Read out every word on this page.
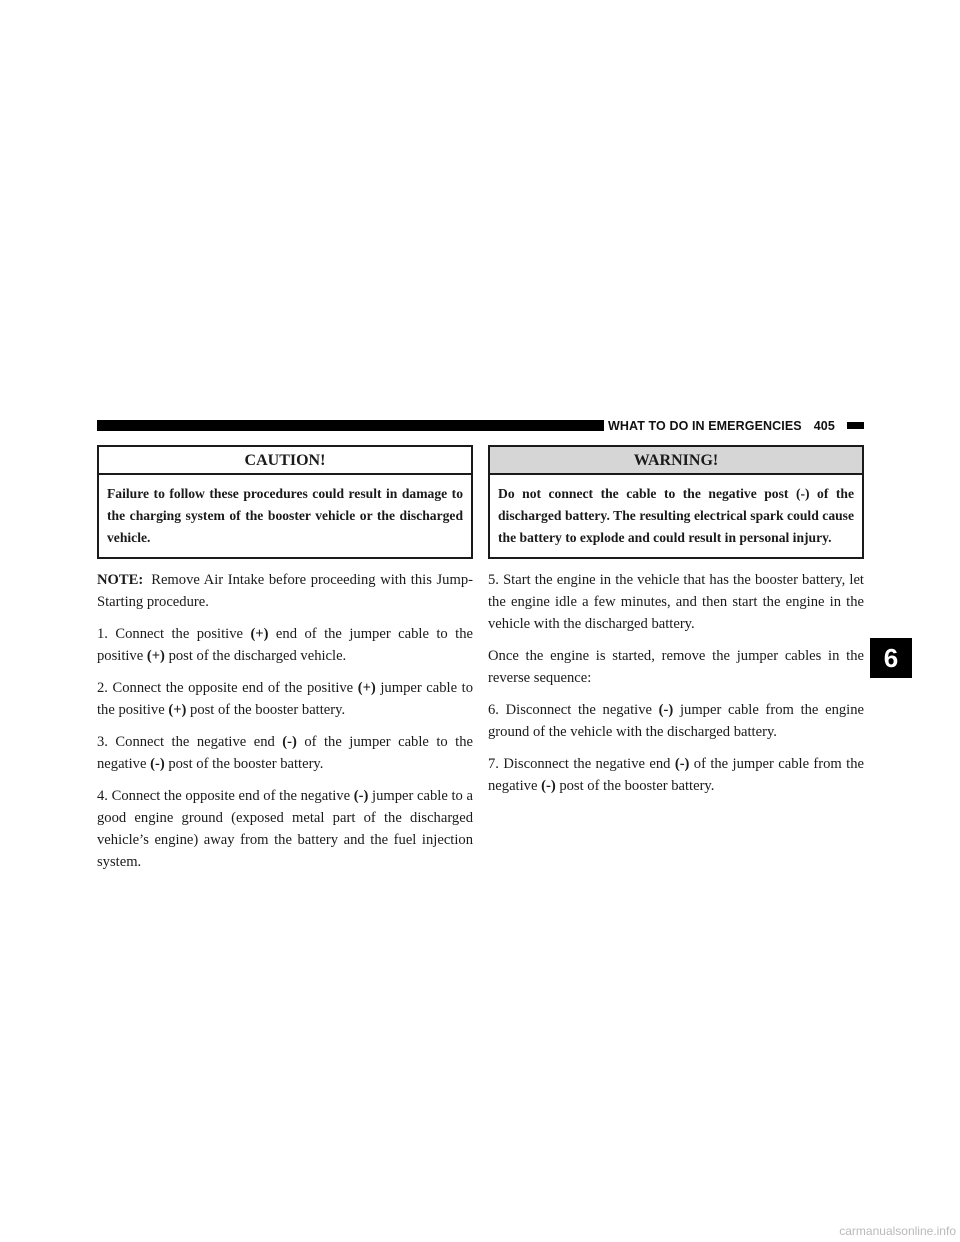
WHAT TO DO IN EMERGENCIES 405
CAUTION!
Failure to follow these procedures could result in damage to the charging system of the booster vehicle or the discharged vehicle.

NOTE: Remove Air Intake before proceeding with this Jump-Starting procedure.

1. Connect the positive (+) end of the jumper cable to the positive (+) post of the discharged vehicle.

2. Connect the opposite end of the positive (+) jumper cable to the positive (+) post of the booster battery.

3. Connect the negative end (-) of the jumper cable to the negative (-) post of the booster battery.

4. Connect the opposite end of the negative (-) jumper cable to a good engine ground (exposed metal part of the discharged vehicle’s engine) away from the battery and the fuel injection system.

WARNING!
Do not connect the cable to the negative post (-) of the discharged battery. The resulting electrical spark could cause the battery to explode and could result in personal injury.

5. Start the engine in the vehicle that has the booster battery, let the engine idle a few minutes, and then start the engine in the vehicle with the discharged battery.

Once the engine is started, remove the jumper cables in the reverse sequence:

6. Disconnect the negative (-) jumper cable from the engine ground of the vehicle with the discharged battery.

7. Disconnect the negative end (-) of the jumper cable from the negative (-) post of the booster battery.

6
carmanualsonline.info
